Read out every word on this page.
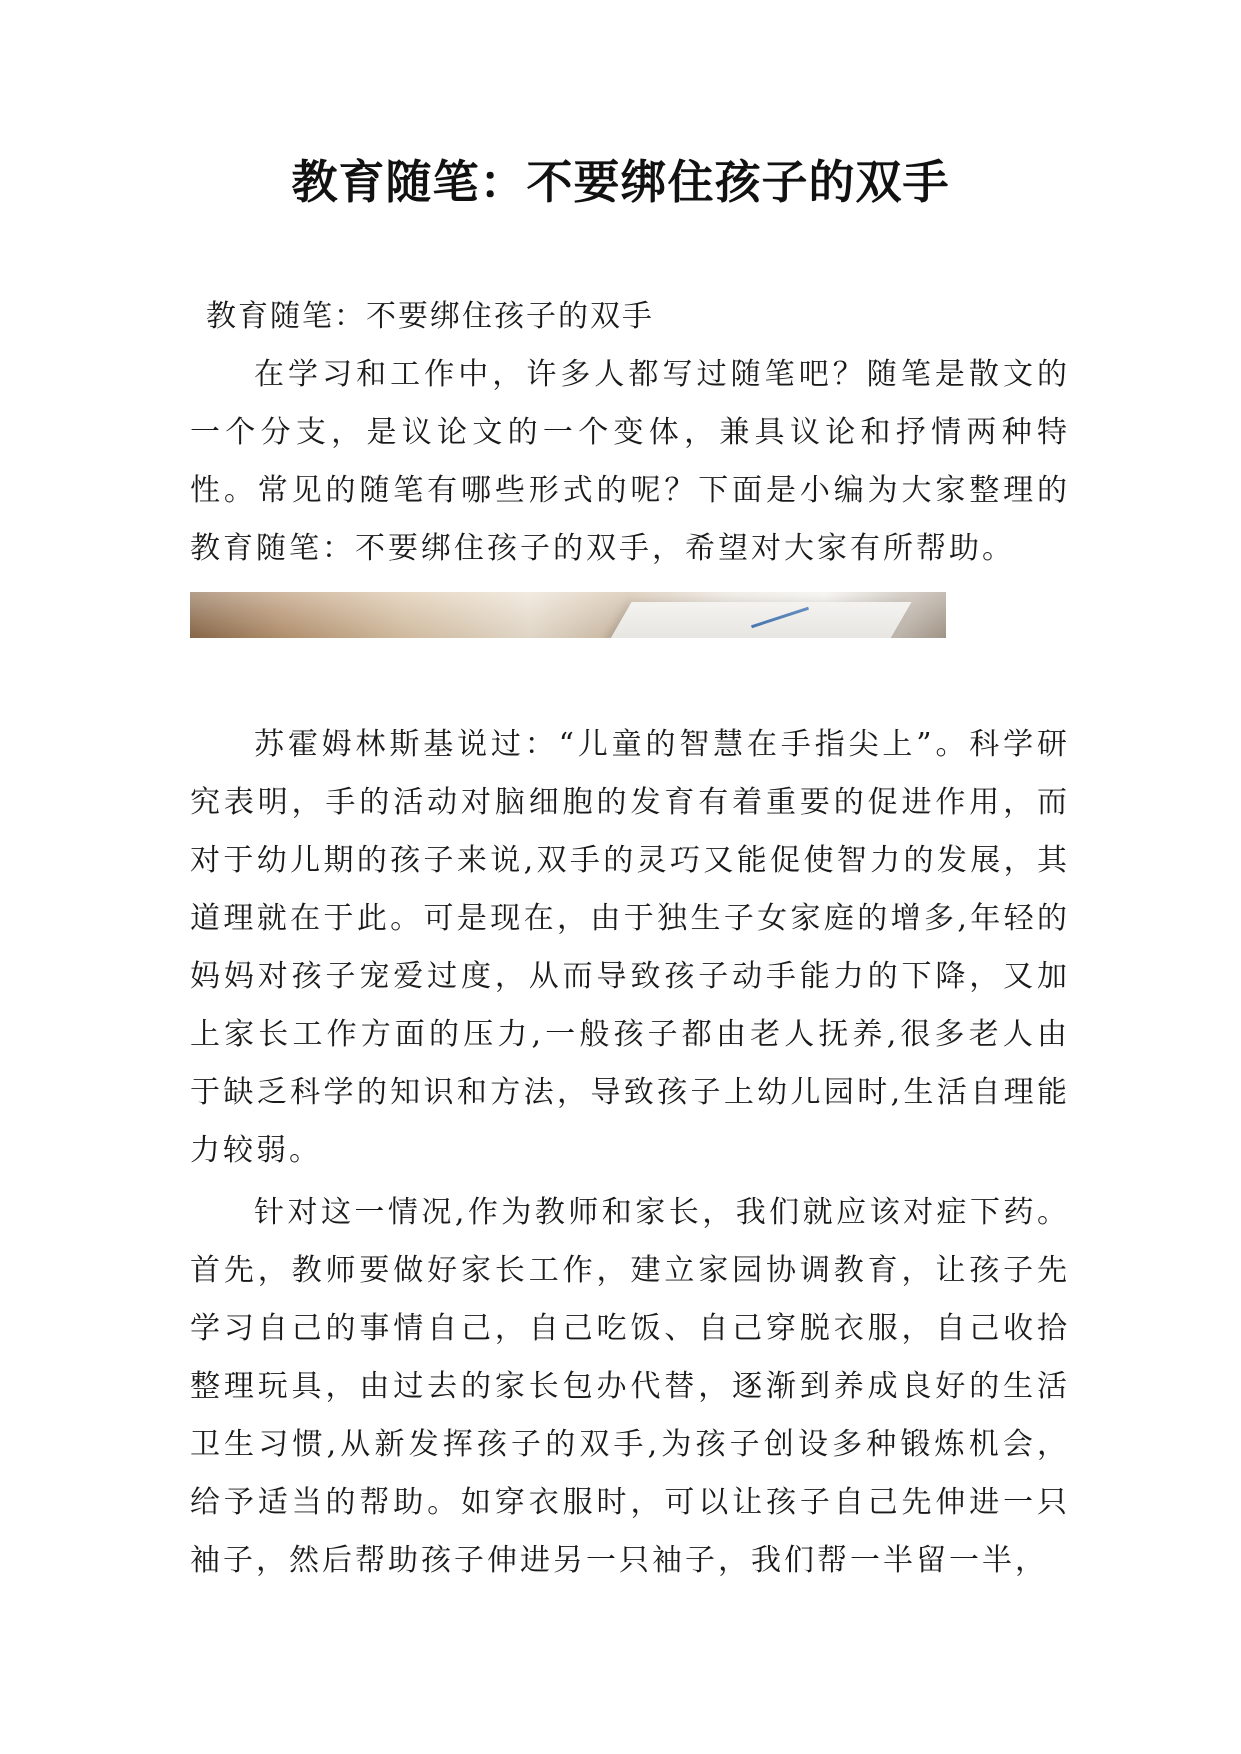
教育随笔：不要绑住孩子的双手

教育随笔：不要绑住孩子的双手

在学习和工作中，许多人都写过随笔吧？随笔是散文的一个分支，是议论文的一个变体，兼具议论和抒情两种特性。常见的随笔有哪些形式的呢？下面是小编为大家整理的教育随笔：不要绑住孩子的双手，希望对大家有所帮助。

苏霍姆林斯基说过：“儿童的智慧在手指尖上”。科学研究表明，手的活动对脑细胞的发育有着重要的促进作用，而对于幼儿期的孩子来说,双手的灵巧又能促使智力的发展，其道理就在于此。可是现在，由于独生子女家庭的增多,年轻的妈妈对孩子宠爱过度，从而导致孩子动手能力的下降，又加上家长工作方面的压力,一般孩子都由老人抚养,很多老人由于缺乏科学的知识和方法，导致孩子上幼儿园时,生活自理能力较弱。

针对这一情况,作为教师和家长，我们就应该对症下药。首先，教师要做好家长工作，建立家园协调教育，让孩子先学习自己的事情自己，自己吃饭、自己穿脱衣服，自己收拾整理玩具，由过去的家长包办代替，逐渐到养成良好的生活卫生习惯,从新发挥孩子的双手,为孩子创设多种锻炼机会，给予适当的帮助。如穿衣服时，可以让孩子自己先伸进一只袖子，然后帮助孩子伸进另一只袖子，我们帮一半留一半，
